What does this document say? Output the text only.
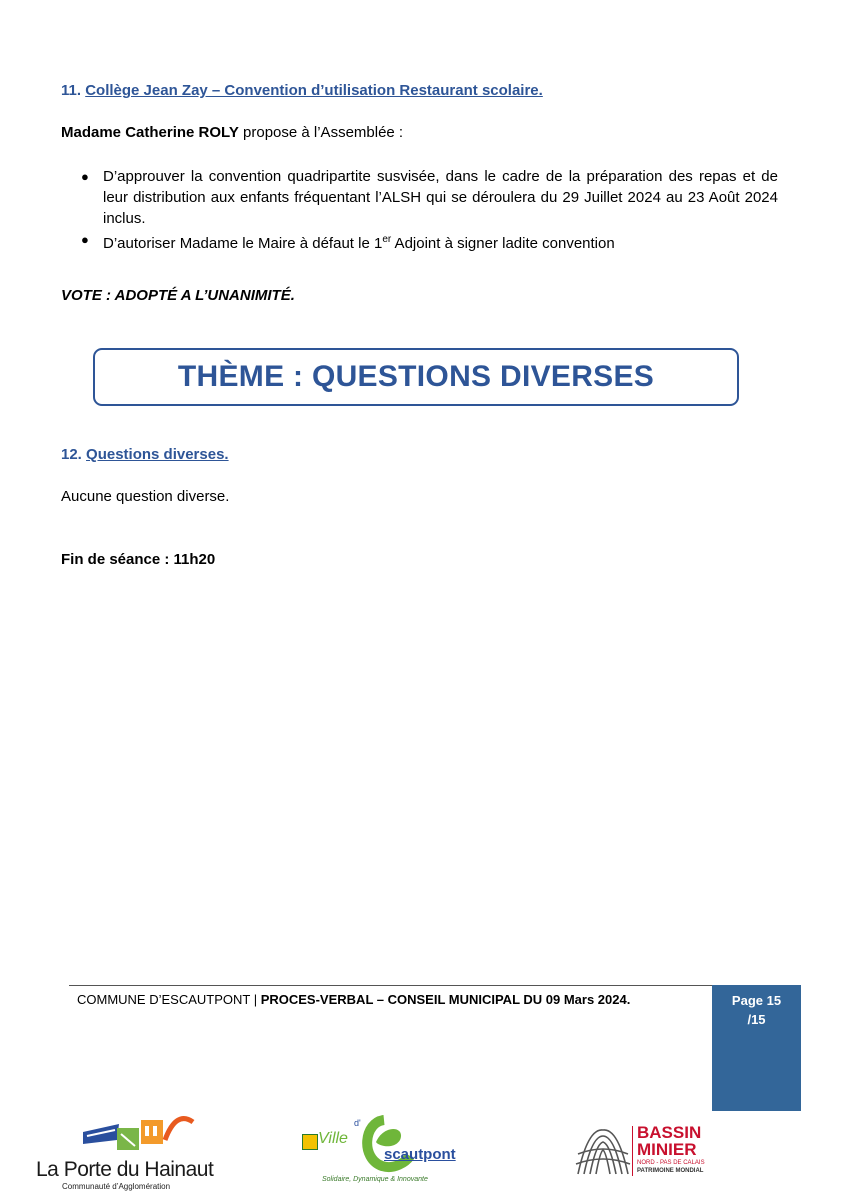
11. Collège Jean Zay – Convention d’utilisation Restaurant scolaire.
Madame Catherine ROLY propose à l’Assemblée :
● D’approuver la convention quadripartite susvisée, dans le cadre de la préparation des repas et de leur distribution aux enfants fréquentant l’ALSH qui se déroulera du 29 Juillet 2024 au 23 Août 2024 inclus.
● D’autoriser Madame le Maire à défaut le 1er Adjoint à signer ladite convention
VOTE : ADOPTÉ A L’UNANIMITÉ.
THÈME : QUESTIONS DIVERSES
12. Questions diverses.
Aucune question diverse.
Fin de séance : 11h20
COMMUNE D’ESCAUTPONT | PROCES-VERBAL – CONSEIL MUNICIPAL DU 09 Mars 2024.	Page 15
/15
La Porte du Hainaut
Communauté d’Agglomération
Ville
d'
scautpont
Solidaire, Dynamique & Innovante
BASSIN
MINIER
NORD - PAS DE CALAIS
PATRIMOINE MONDIAL
